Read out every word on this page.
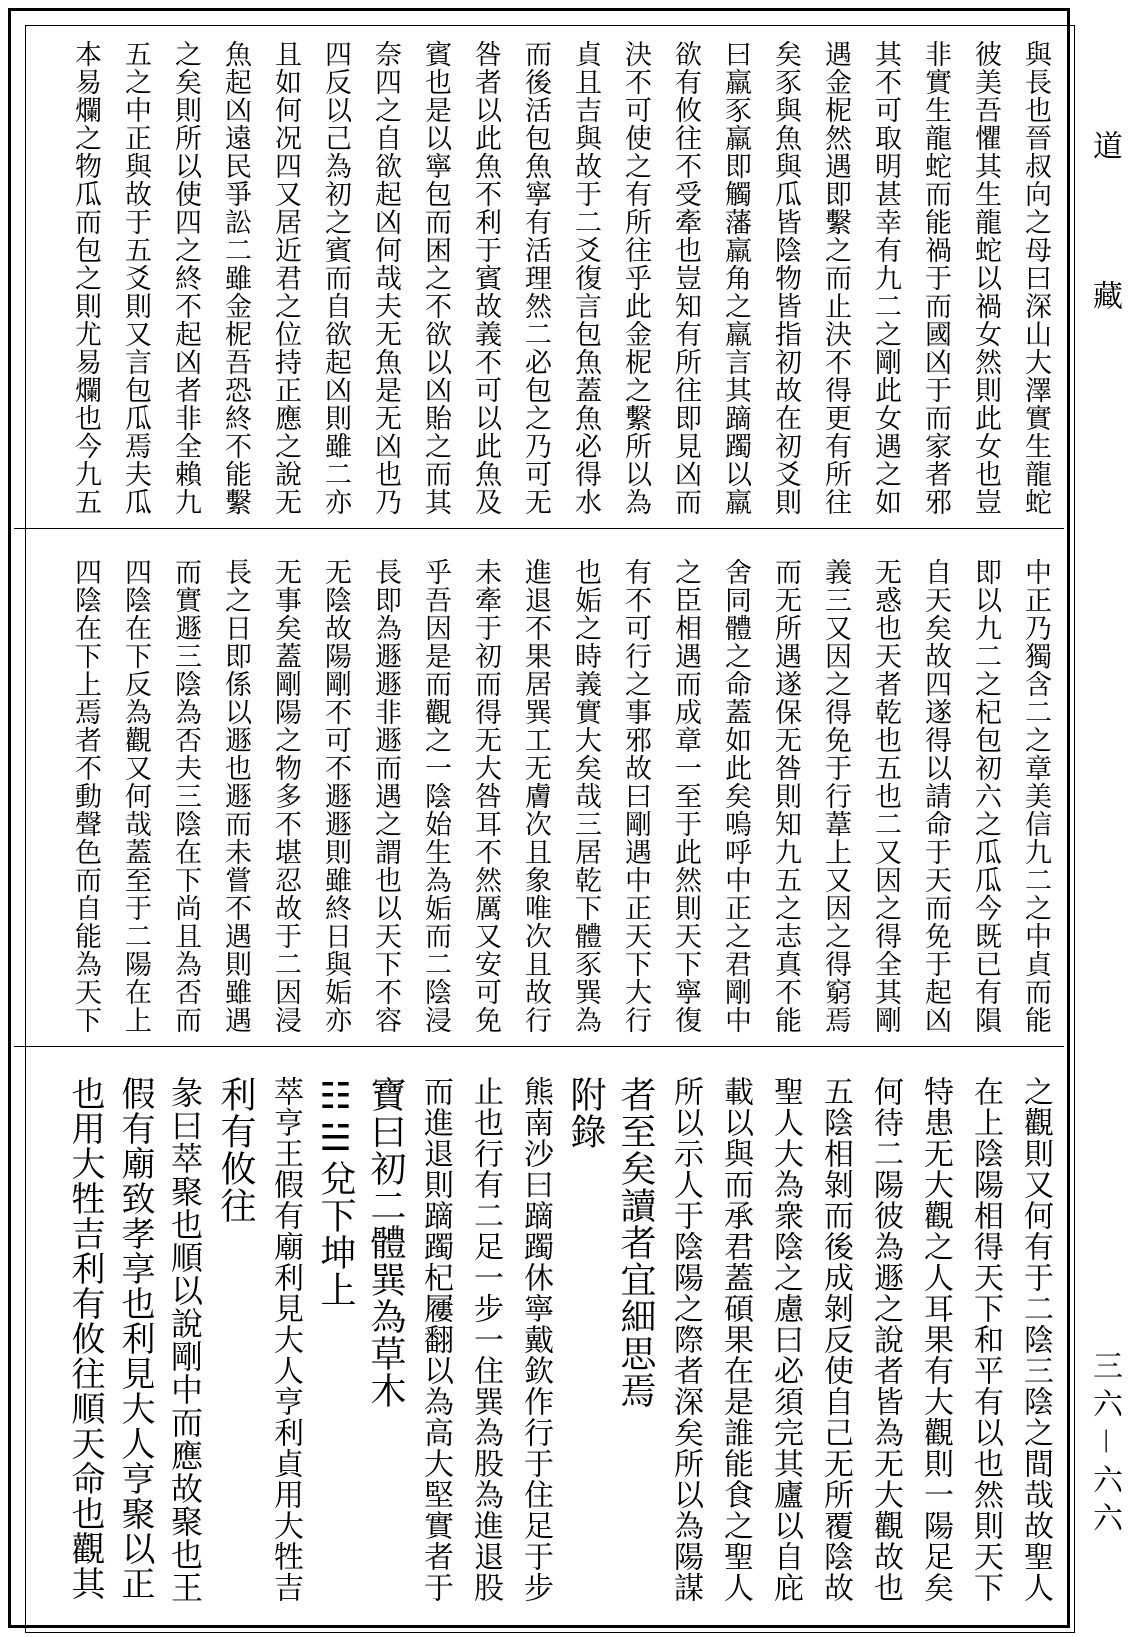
與長也晉叔向之母曰深山大澤實生龍蛇
彼美吾懼其生龍蛇以禍女然則此女也豈
非實生龍蛇而能禍于而國凶于而家者邪
其不可取明甚幸有九二之剛此女遇之如
遇金柅然遇即繫之而止決不得更有所往
矣豕與魚與瓜皆陰物皆指初故在初爻則
曰羸豕羸即觸藩羸角之羸言其蹢躅以羸
欲有攸往不受牽也豈知有所往即見凶而
決不可使之有所往乎此金柅之繫所以為
貞且吉與故于二爻復言包魚蓋魚必得水
而後活包魚寧有活理然二必包之乃可无
咎者以此魚不利于賓故義不可以此魚及
賓也是以寧包而困之不欲以凶貽之而其
奈四之自欲起凶何哉夫无魚是无凶也乃
四反以己為初之賓而自欲起凶則雖二亦
且如何况四又居近君之位持正應之說无
魚起凶遠民爭訟二雖金柅吾恐終不能繫
之矣則所以使四之終不起凶者非全賴九
五之中正與故于五爻則又言包瓜焉夫瓜
本易爛之物瓜而包之則尤易爛也今九五
中正乃獨含二之章美信九二之中貞而能
即以九二之杞包初六之瓜瓜今既已有隕
自天矣故四遂得以請命于天而免于起凶
无惑也天者乾也五也二又因之得全其剛
義三又因之得免于行葦上又因之得窮焉
而无所遇遂保无咎則知九五之志真不能
舍同體之命蓋如此矣嗚呼中正之君剛中
之臣相遇而成章一至于此然則天下寧復
有不可行之事邪故曰剛遇中正天下大行
也姤之時義實大矣哉三居乾下體豕巽為
進退不果居巽工无膚次且象唯次且故行
未牽于初而得无大咎耳不然厲又安可免
乎吾因是而觀之一陰始生為姤而二陰浸
長即為遯遯非遯而遇之謂也以天下不容
无陰故陽剛不可不遯遯則雖終日與姤亦
无事矣蓋剛陽之物多不堪忍故于二因浸
長之日即係以遯也遯而未嘗不遇則雖遇
而實遯三陰為否夫三陰在下尚且為否而
四陰在下反為觀又何哉蓋至于二陽在上
四陰在下上焉者不動聲色而自能為天下
之觀則又何有于二陰三陰之間哉故聖人
在上陰陽相得天下和平有以也然則天下
特患无大觀之人耳果有大觀則一陽足矣
何待二陽彼為遯之說者皆為无大觀故也
五陰相剝而後成剝反使自己无所覆陰故
聖人大為衆陰之慮曰必須完其廬以自庇
載以與而承君蓋碩果在是誰能食之聖人
所以示人于陰陽之際者深矣所以為陽謀
者至矣讀者宜細思焉
附錄
熊南沙曰蹢躅休寧戴欽作行于住足于步
止也行有二足一步一住巽為股為進退股
而進退則蹢躅杞屨翻以為高大堅實者于
寶曰初二體巽為草木
☷☱兌下坤上
萃亨王假有廟利見大人亨利貞用大牲吉
利有攸往
彖曰萃聚也順以說剛中而應故聚也王
假有廟致孝享也利見大人亨聚以正
也用大牲吉利有攸往順天命也觀其
道藏
三六－六六
